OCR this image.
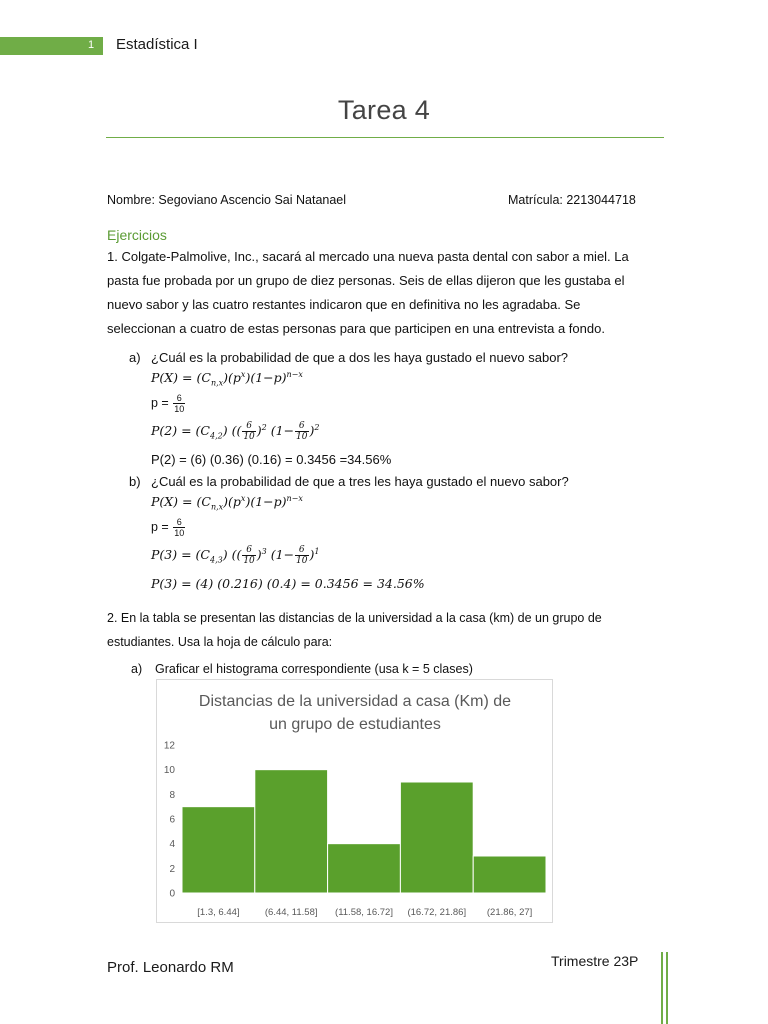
1 Estadística I
Tarea 4
Nombre: Segoviano Ascencio Sai Natanael	Matrícula: 2213044718
Ejercicios
1. Colgate-Palmolive, Inc., sacará al mercado una nueva pasta dental con sabor a miel. La
pasta fue probada por un grupo de diez personas. Seis de ellas dijeron que les gustaba el
nuevo sabor y las cuatro restantes indicaron que en definitiva no les agradaba. Se
seleccionan a cuatro de estas personas para que participen en una entrevista a fondo.
a) ¿Cuál es la probabilidad de que a dos les haya gustado el nuevo sabor?
$P(X) = (C_{n,x})(p^x)(1-p)^{n-x}$
$p = \frac{6}{10}$
$P(2) = (C_{4,2})$ (( $\frac{6}{10} )^2$ $(1- \frac{6}{10} )^2$
P(2) = (6) (0.36) (0.16) = 0.3456 =34.56%
b) ¿Cuál es la probabilidad de que a tres les haya gustado el nuevo sabor?
$P(X) = (C_{n,x})(p^x)(1-p)^{n-x}$
$p = \frac{6}{10}$
$P(3) = (C_{4,3})$ (( $\frac{6}{10} )^3$ $(1- \frac{6}{10} )^1$
P(3) = (4) (0.216) (0.4) = 0.3456 = 34.56%
2. En la tabla se presentan las distancias de la universidad a la casa (km) de un grupo de
estudiantes. Usa la hoja de cálculo para:
a) Graficar el histograma correspondiente (usa k = 5 clases)
Distancias de la universidad a casa (Km) de
un grupo de estudiantes
0
2
4
6
8
10
12
[1.3, 6.44]	(6.44, 11.58] (11.58, 16.72] (16.72, 21.86] (21.86, 27]
Prof. Leonardo RM	Trimestre 23P
